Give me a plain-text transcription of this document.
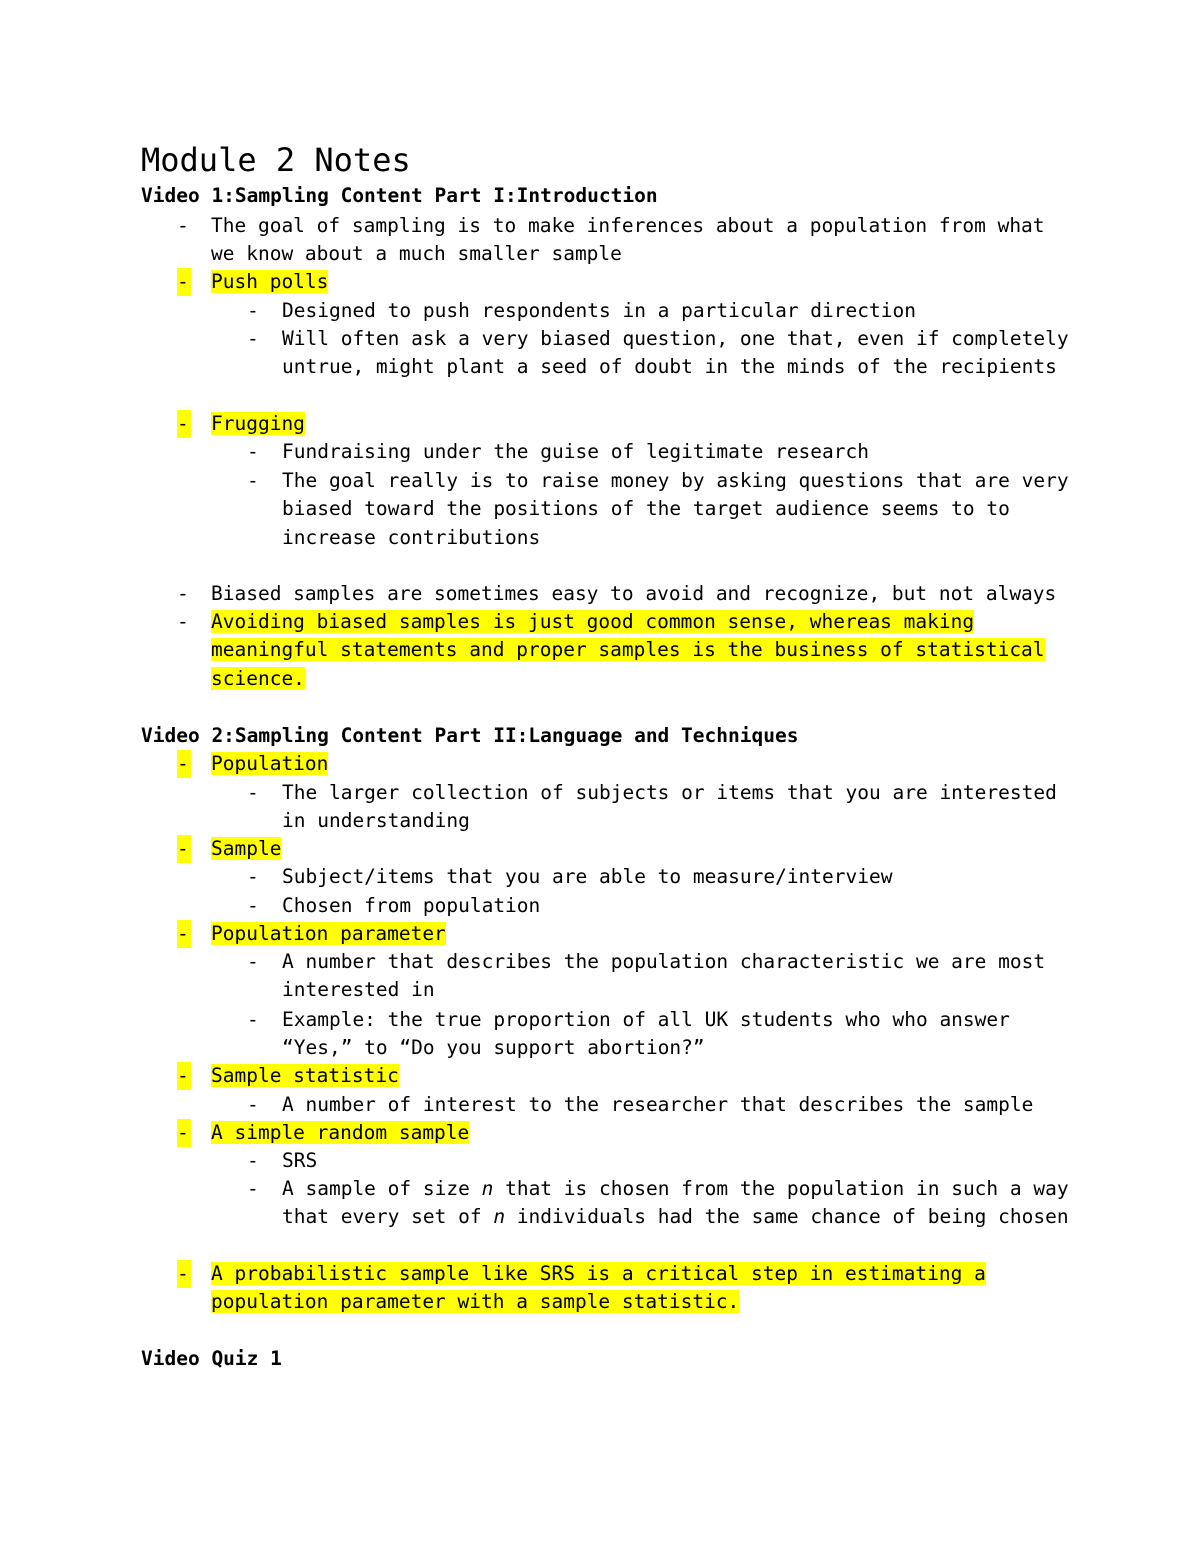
Module 2 Notes
Video 1:Sampling Content Part I:Introduction
- The goal of sampling is to make inferences about a population from what we know about a much smaller sample
- Push polls
- Designed to push respondents in a particular direction
- Will often ask a very biased question, one that, even if completely untrue, might plant a seed of doubt in the minds of the recipients
- Frugging
- Fundraising under the guise of legitimate research
- The goal really is to raise money by asking questions that are very biased toward the positions of the target audience seems to to increase contributions
- Biased samples are sometimes easy to avoid and recognize, but not always
- Avoiding biased samples is just good common sense, whereas making meaningful statements and proper samples is the business of statistical science.
Video 2:Sampling Content Part II:Language and Techniques
- Population
- The larger collection of subjects or items that you are interested in understanding
- Sample
- Subject/items that you are able to measure/interview
- Chosen from population
- Population parameter
- A number that describes the population characteristic we are most interested in
- Example: the true proportion of all UK students who who answer “Yes,” to “Do you support abortion?”
- Sample statistic
- A number of interest to the researcher that describes the sample
- A simple random sample
- SRS
- A sample of size n that is chosen from the population in such a way that every set of n individuals had the same chance of being chosen
- A probabilistic sample like SRS is a critical step in estimating a population parameter with a sample statistic.
Video Quiz 1
